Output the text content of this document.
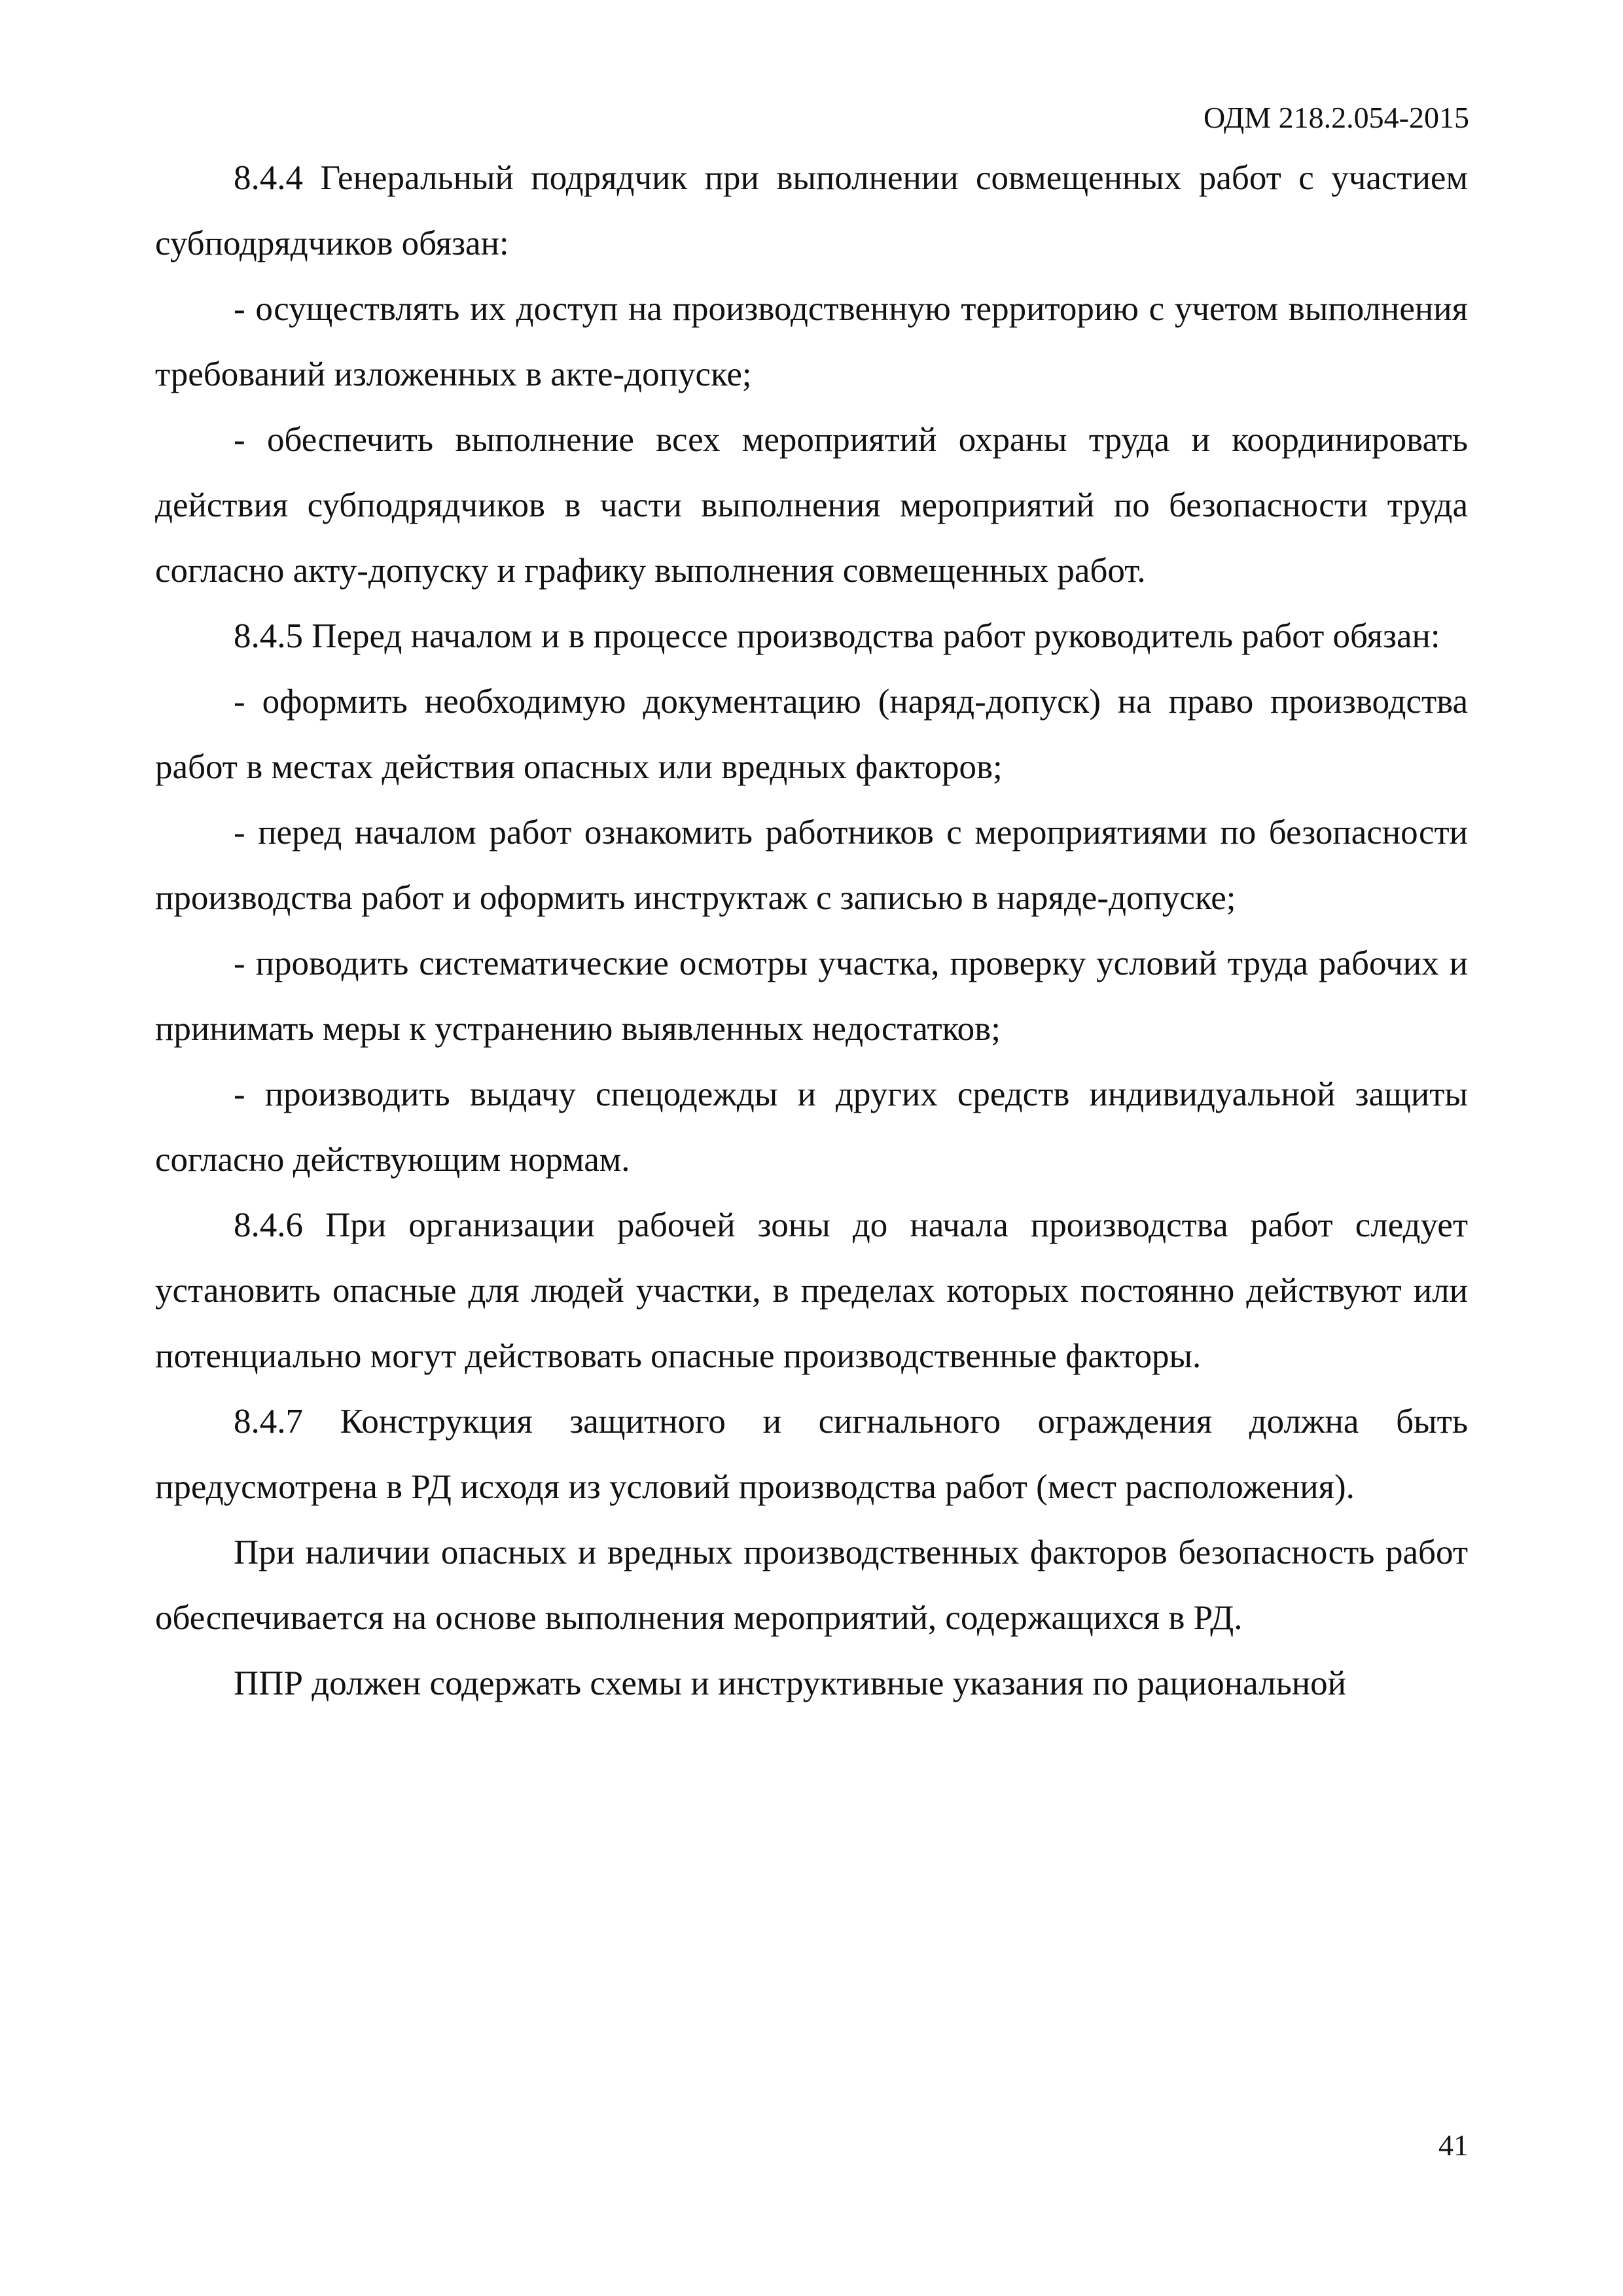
ОДМ 218.2.054-2015

8.4.4 Генеральный подрядчик при выполнении совмещенных работ с участием субподрядчиков обязан:

- осуществлять их доступ на производственную территорию с учетом выполнения требований изложенных в акте-допуске;

- обеспечить выполнение всех мероприятий охраны труда и координировать действия субподрядчиков в части выполнения мероприятий по безопасности труда согласно акту-допуску и графику выполнения совмещенных работ.

8.4.5 Перед началом и в процессе производства работ руководитель работ обязан:

- оформить необходимую документацию (наряд-допуск) на право производства работ в местах действия опасных или вредных факторов;

- перед началом работ ознакомить работников с мероприятиями по безопасности производства работ и оформить инструктаж с записью в наряде-допуске;

- проводить систематические осмотры участка, проверку условий труда рабочих и принимать меры к устранению выявленных недостатков;

- производить выдачу спецодежды и других средств индивидуальной защиты согласно действующим нормам.

8.4.6 При организации рабочей зоны до начала производства работ следует установить опасные для людей участки, в пределах которых постоянно действуют или потенциально могут действовать опасные производственные факторы.

8.4.7 Конструкция защитного и сигнального ограждения должна быть предусмотрена в РД исходя из условий производства работ (мест расположения).

При наличии опасных и вредных производственных факторов безопасность работ обеспечивается на основе выполнения мероприятий, содержащихся в РД.

ППР должен содержать схемы и инструктивные указания по рациональной

41
